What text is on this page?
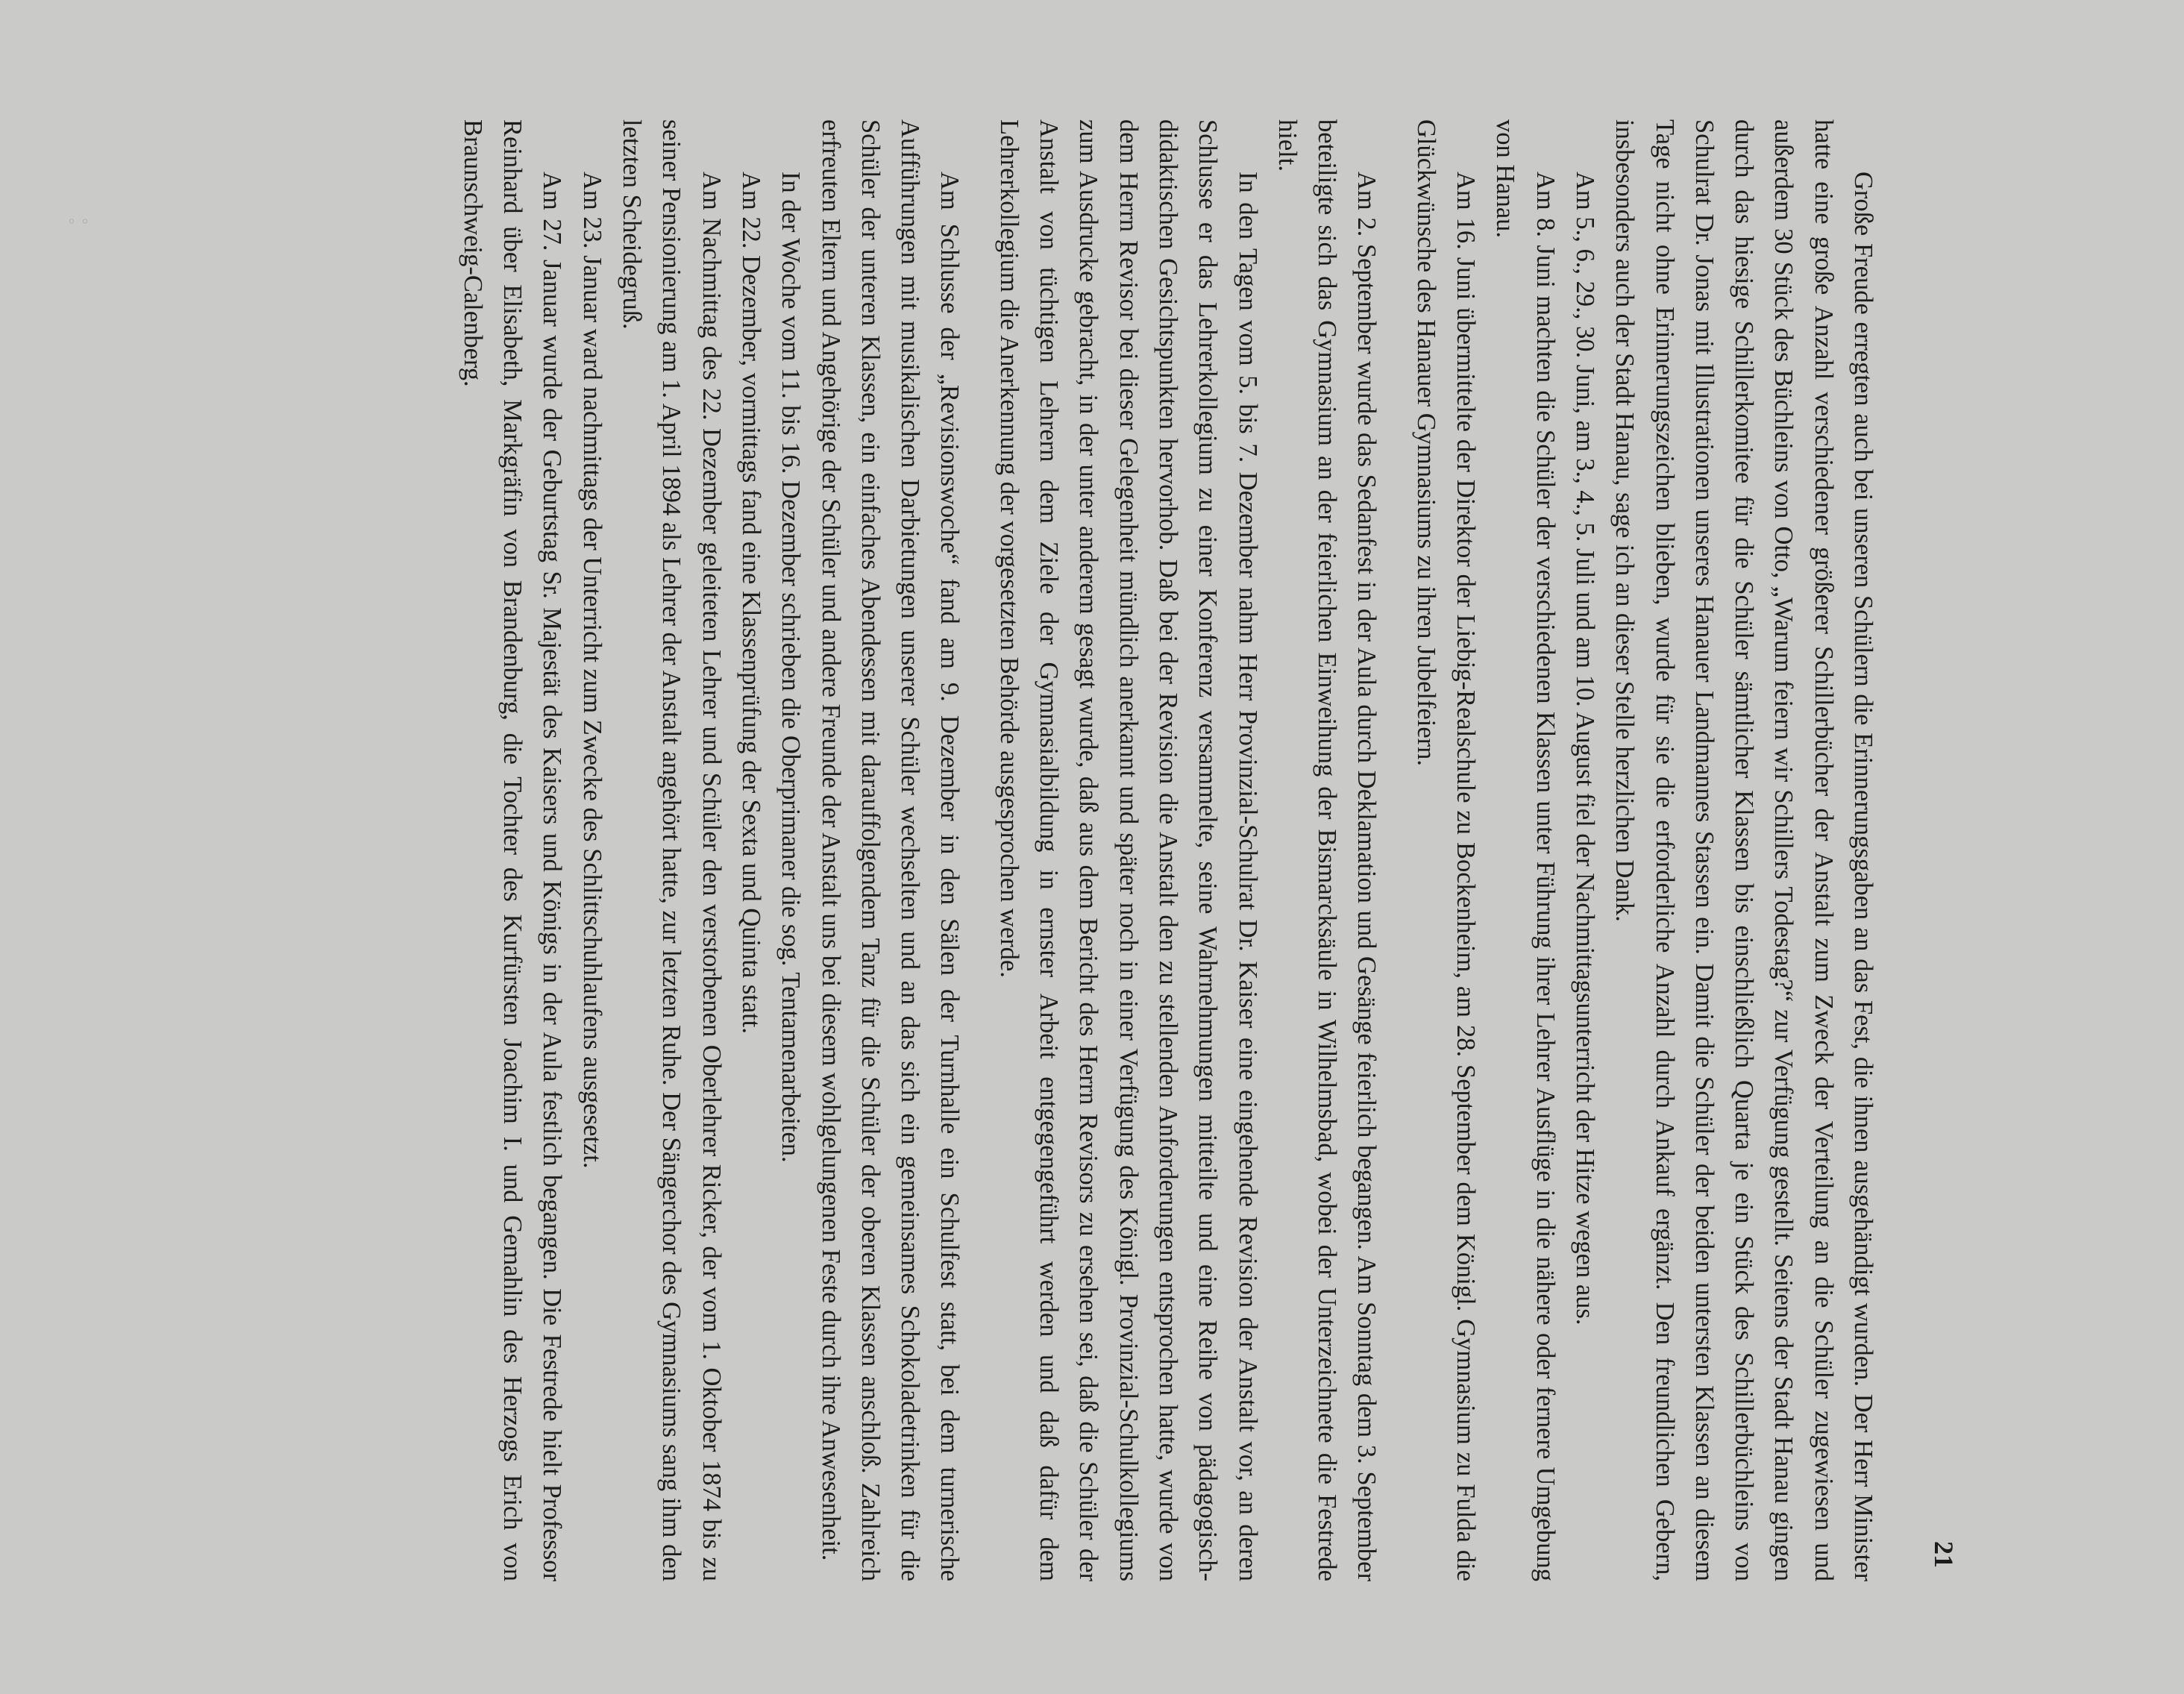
◦ ◦
21

Große Freude erregten auch bei unseren Schülern die Erinnerungsgaben an das Fest, die ihnen ausgehändigt wurden. Der Herr Minister hatte eine große Anzahl verschiedener größerer Schillerbücher der Anstalt zum Zweck der Verteilung an die Schüler zugewiesen und außerdem 30 Stück des Büchleins von Otto, „Warum feiern wir Schillers Todestag?“ zur Verfügung gestellt. Seitens der Stadt Hanau gingen durch das hiesige Schillerkomitee für die Schüler sämtlicher Klassen bis einschließlich Quarta je ein Stück des Schillerbüchleins von Schulrat Dr. Jonas mit Illustrationen unseres Hanauer Landmannes Stassen ein. Damit die Schüler der beiden untersten Klassen an diesem Tage nicht ohne Erinnerungszeichen blieben, wurde für sie die erforderliche Anzahl durch Ankauf ergänzt. Den freundlichen Gebern, insbesonders auch der Stadt Hanau, sage ich an dieser Stelle herzlichen Dank.

Am 5., 6., 29., 30. Juni, am 3., 4., 5. Juli und am 10. August fiel der Nachmittagsunterricht der Hitze wegen aus.

Am 8. Juni machten die Schüler der verschiedenen Klassen unter Führung ihrer Lehrer Ausflüge in die nähere oder fernere Umgebung von Hanau.

Am 16. Juni übermittelte der Direktor der Liebig-Realschule zu Bockenheim, am 28. September dem Königl. Gymnasium zu Fulda die Glückwünsche des Hanauer Gymnasiums zu ihren Jubelfeiern.

Am 2. September wurde das Sedanfest in der Aula durch Deklamation und Gesänge feierlich begangen. Am Sonntag dem 3. September beteiligte sich das Gymnasium an der feierlichen Einweihung der Bismarcksäule in Wilhelmsbad, wobei der Unterzeichnete die Festrede hielt.

In den Tagen vom 5. bis 7. Dezember nahm Herr Provinzial-Schulrat Dr. Kaiser eine eingehende Revision der Anstalt vor, an deren Schlusse er das Lehrerkollegium zu einer Konferenz versammelte, seine Wahrnehmungen mitteilte und eine Reihe von pädagogisch-didaktischen Gesichtspunkten hervorhob. Daß bei der Revision die Anstalt den zu stellenden Anforderungen entsprochen hatte, wurde von dem Herrn Revisor bei dieser Gelegenheit mündlich anerkannt und später noch in einer Verfügung des Königl. Provinzial-Schulkollegiums zum Ausdrucke gebracht, in der unter anderem gesagt wurde, daß aus dem Bericht des Herrn Revisors zu ersehen sei, daß die Schüler der Anstalt von tüchtigen Lehrern dem Ziele der Gymnasialbildung in ernster Arbeit entgegengeführt werden und daß dafür dem Lehrerkollegium die Anerkennung der vorgesetzten Behörde ausgesprochen werde.

Am Schlusse der „Revisionswoche“ fand am 9. Dezember in den Sälen der Turnhalle ein Schulfest statt, bei dem turnerische Aufführungen mit musikalischen Darbietungen unserer Schüler wechselten und an das sich ein gemeinsames Schokoladetrinken für die Schüler der unteren Klassen, ein einfaches Abendessen mit darauffolgendem Tanz für die Schüler der oberen Klassen anschloß. Zahlreich erfreuten Eltern und Angehörige der Schüler und andere Freunde der Anstalt uns bei diesem wohlgelungenen Feste durch ihre Anwesenheit.

In der Woche vom 11. bis 16. Dezember schrieben die Oberprimaner die sog. Tentamenarbeiten.

Am 22. Dezember, vormittags fand eine Klassenprüfung der Sexta und Quinta statt.

Am Nachmittag des 22. Dezember geleiteten Lehrer und Schüler den verstorbenen Oberlehrer Ricker, der vom 1. Oktober 1874 bis zu seiner Pensionierung am 1. April 1894 als Lehrer der Anstalt angehört hatte, zur letzten Ruhe. Der Sängerchor des Gymnasiums sang ihm den letzten Scheidegruß.

Am 23. Januar ward nachmittags der Unterricht zum Zwecke des Schlittschuhlaufens ausgesetzt.

Am 27. Januar wurde der Geburtstag Sr. Majestät des Kaisers und Königs in der Aula festlich begangen. Die Festrede hielt Professor Reinhard über Elisabeth, Markgräfin von Brandenburg, die Tochter des Kurfürsten Joachim I. und Gemahlin des Herzogs Erich von Braunschweig-Calenberg.
